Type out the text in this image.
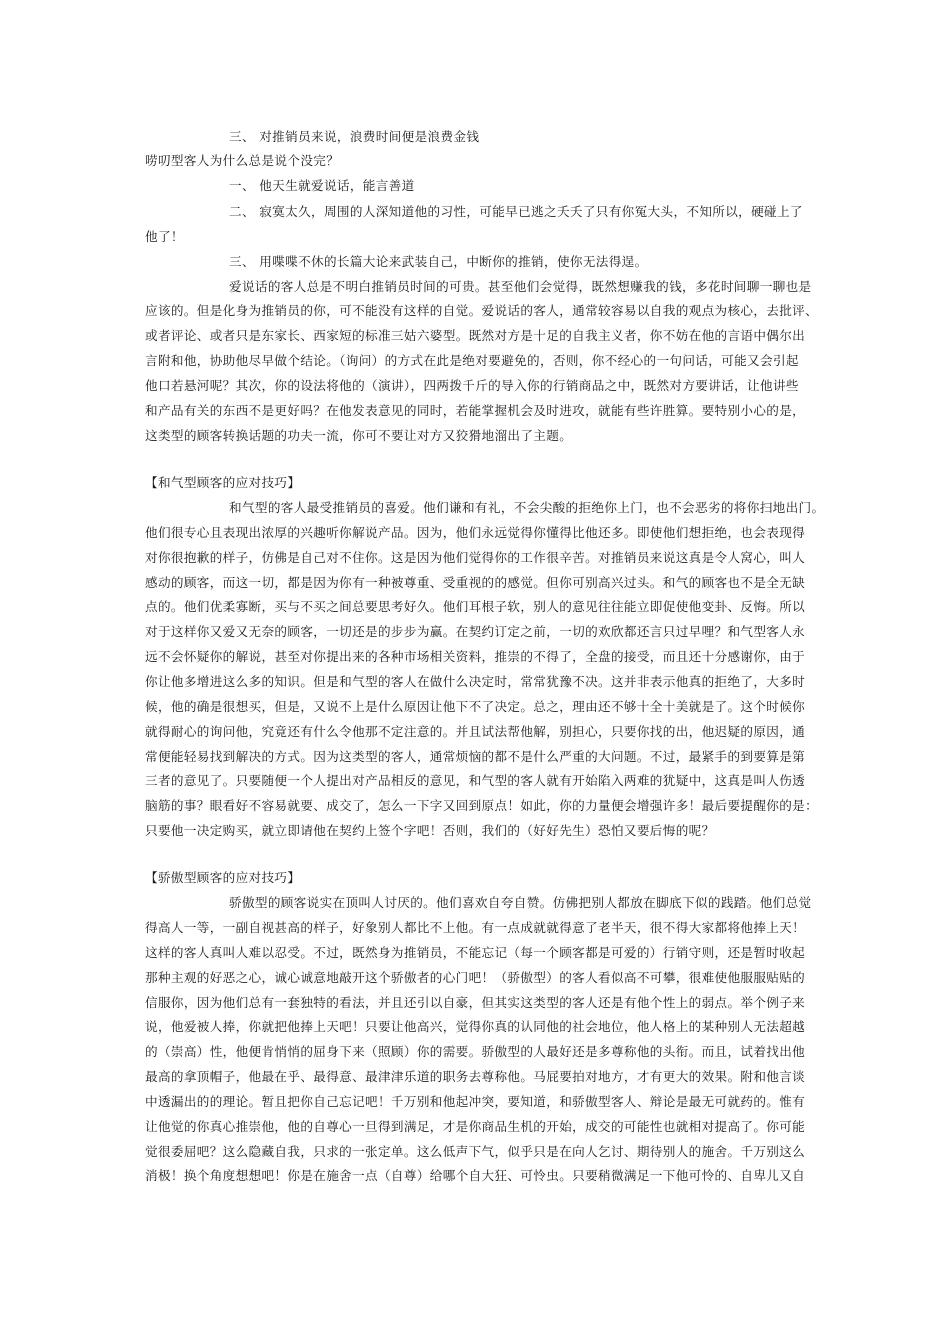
三、 对推销员来说，浪费时间便是浪费金钱

唠叨型客人为什么总是说个没完？

一、 他天生就爱说话，能言善道

二、 寂寞太久，周围的人深知道他的习性，可能早已逃之夭夭了只有你冤大头，不知所以，硬碰上了

他了！

三、 用喋喋不休的长篇大论来武装自己，中断你的推销，使你无法得逞。

爱说话的客人总是不明白推销员时间的可贵。甚至他们会觉得，既然想赚我的钱，多花时间聊一聊也是

应该的。但是化身为推销员的你，可不能没有这样的自觉。爱说话的客人，通常较容易以自我的观点为核心，去批评、

或者评论、或者只是东家长、西家短的标准三姑六婆型。既然对方是十足的自我主义者，你不妨在他的言语中偶尔出

言附和他，协助他尽早做个结论。（询问）的方式在此是绝对要避免的，否则，你不经心的一句问话，可能又会引起

他口若悬河呢？其次，你的设法将他的（演讲），四两拨千斤的导入你的行销商品之中，既然对方要讲话，让他讲些

和产品有关的东西不是更好吗？在他发表意见的同时，若能掌握机会及时进攻，就能有些许胜算。要特别小心的是，

这类型的顾客转换话题的功夫一流，你可不要让对方又狡猾地溜出了主题。

【和气型顾客的应对技巧】

和气型的客人最受推销员的喜爱。他们谦和有礼，不会尖酸的拒绝你上门，也不会恶劣的将你扫地出门。

他们很专心且表现出浓厚的兴趣听你解说产品。因为，他们永远觉得你懂得比他还多。即使他们想拒绝，也会表现得

对你很抱歉的样子，仿佛是自己对不住你。这是因为他们觉得你的工作很辛苦。对推销员来说这真是令人窝心，叫人

感动的顾客，而这一切，都是因为你有一种被尊重、受重视的的感觉。但你可别高兴过头。和气的顾客也不是全无缺

点的。他们优柔寡断，买与不买之间总要思考好久。他们耳根子软，别人的意见往往能立即促使他变卦、反悔。所以

对于这样你又爱又无奈的顾客，一切还是的步步为赢。在契约订定之前，一切的欢欣都还言只过早哩？和气型客人永

远不会怀疑你的解说，甚至对你提出来的各种市场相关资料，推崇的不得了，全盘的接受，而且还十分感谢你，由于

你让他多增进这么多的知识。但是和气型的客人在做什么决定时，常常犹豫不决。这并非表示他真的拒绝了，大多时

候，他的确是很想买，但是，又说不上是什么原因让他下不了决定。总之，理由还不够十全十美就是了。这个时候你

就得耐心的询问他，究竟还有什么令他那不定注意的。并且试法帮他解，别担心，只要你找的出，他迟疑的原因，通

常便能轻易找到解决的方式。因为这类型的客人，通常烦恼的都不是什么严重的大问题。不过，最紧手的到要算是第

三者的意见了。只要随便一个人提出对产品相反的意见，和气型的客人就有开始陷入两难的犹疑中，这真是叫人伤透

脑筋的事？眼看好不容易就要、成交了，怎么一下字又回到原点！如此，你的力量便会增强许多！最后要提醒你的是：

只要他一决定购买，就立即请他在契约上签个字吧！否则，我们的（好好先生）恐怕又要后悔的呢？

【骄傲型顾客的应对技巧】

骄傲型的顾客说实在顶叫人讨厌的。他们喜欢自夸自赞。仿佛把别人都放在脚底下似的践踏。他们总觉

得高人一等，一副自视甚高的样子，好象别人都比不上他。有一点成就就得意了老半天，很不得大家都将他捧上天！

这样的客人真叫人难以忍受。不过，既然身为推销员，不能忘记（每一个顾客都是可爱的）行销守则，还是暂时收起

那种主观的好恶之心，诚心诚意地敲开这个骄傲者的心门吧！（骄傲型）的客人看似高不可攀，很难使他服服贴贴的

信服你，因为他们总有一套独特的看法，并且还引以自豪，但其实这类型的客人还是有他个性上的弱点。举个例子来

说，他爱被人捧，你就把他捧上天吧！只要让他高兴，觉得你真的认同他的社会地位，他人格上的某种别人无法超越

的（崇高）性，他便肯悄悄的屈身下来（照顾）你的需要。骄傲型的人最好还是多尊称他的头衔。而且，试着找出他

最高的拿顶帽子，他最在乎、最得意、最津津乐道的职务去尊称他。马屁要拍对地方，才有更大的效果。附和他言谈

中透漏出的的理论。暂且把你自己忘记吧！千万别和他起冲突，要知道，和骄傲型客人、辩论是最无可就药的。惟有

让他觉的你真心推崇他，他的自尊心一旦得到满足，才是你商品生机的开始，成交的可能性也就相对提高了。你可能

觉很委屈吧？这么隐藏自我，只求的一张定单。这么低声下气，似乎只是在向人乞讨、期待别人的施舍。千万别这么

消极！换个角度想想吧！你是在施舍一点（自尊）给哪个自大狂、可怜虫。只要稍微满足一下他可怜的、自卑儿又自
